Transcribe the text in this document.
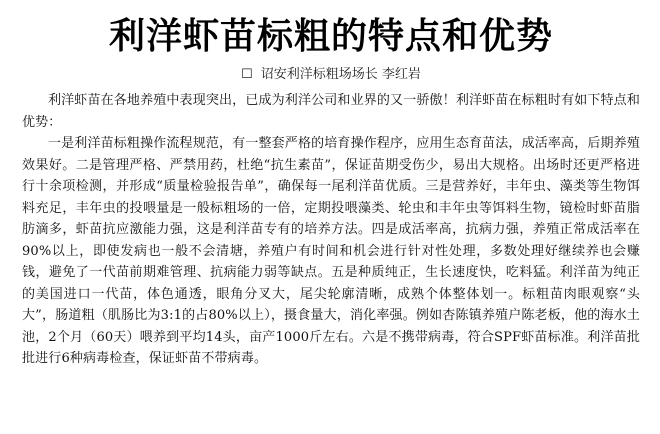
利洋虾苗标粗的特点和优势
☐ 诏安利洋标粗场场长 李红岩

利洋虾苗在各地养殖中表现突出，已成为利洋公司和业界的又一骄傲！利洋虾苗在标粗时有如下特点和优势：

一是利洋苗标粗操作流程规范，有一整套严格的培育操作程序，应用生态育苗法，成活率高，后期养殖效果好。二是管理严格、严禁用药，杜绝“抗生素苗”，保证苗期受伤少，易出大规格。出场时还更严格进行十余项检测，并形成“质量检验报告单”，确保每一尾利洋苗优质。三是营养好，丰年虫、藻类等生物饵料充足，丰年虫的投喂量是一般标粗场的一倍，定期投喂藻类、轮虫和丰年虫等饵料生物，镜检时虾苗脂肪滴多，虾苗抗应激能力强，这是利洋苗专有的培养方法。四是成活率高，抗病力强，养殖正常成活率在90%以上，即使发病也一般不会清塘，养殖户有时间和机会进行针对性处理，多数处理好继续养也会赚钱，避免了一代苗前期难管理、抗病能力弱等缺点。五是种质纯正，生长速度快，吃料猛。利洋苗为纯正的美国进口一代苗，体色通透，眼角分叉大，尾尖轮廓清晰，成熟个体整体划一。标粗苗肉眼观察“头大”，肠道粗（肌肠比为3:1的占80%以上），摄食量大，消化率强。例如杏陈镇养殖户陈老板，他的海水土池，2个月（60天）喂养到平均14头，亩产1000斤左右。六是不携带病毒，符合SPF虾苗标准。利洋苗批批进行6种病毒检查，保证虾苗不带病毒。
